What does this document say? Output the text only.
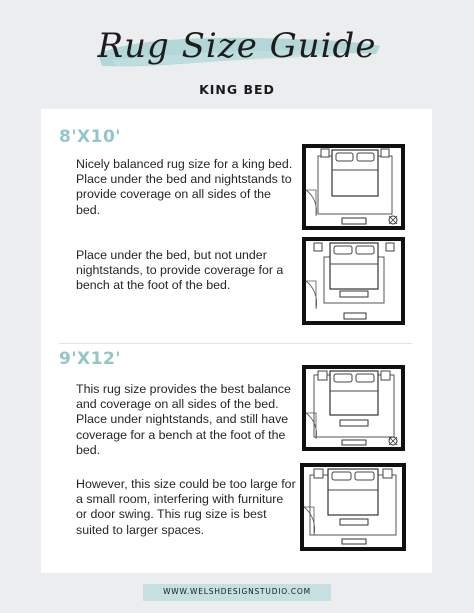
Rug Size Guide
KING BED
8'X10'
Nicely balanced rug size for a king bed. Place under the bed and nightstands to provide coverage on all sides of the bed.
Place under the bed, but not under nightstands, to provide coverage for a bench at the foot of the bed.
9'X12'
This rug size provides the best balance and coverage on all sides of the bed. Place under nightstands, and still have coverage for a bench at the foot of the bed.
However, this size could be too large for a small room, interfering with furniture or door swing. This rug size is best suited to larger spaces.
WWW.WELSHDESIGNSTUDIO.COM
